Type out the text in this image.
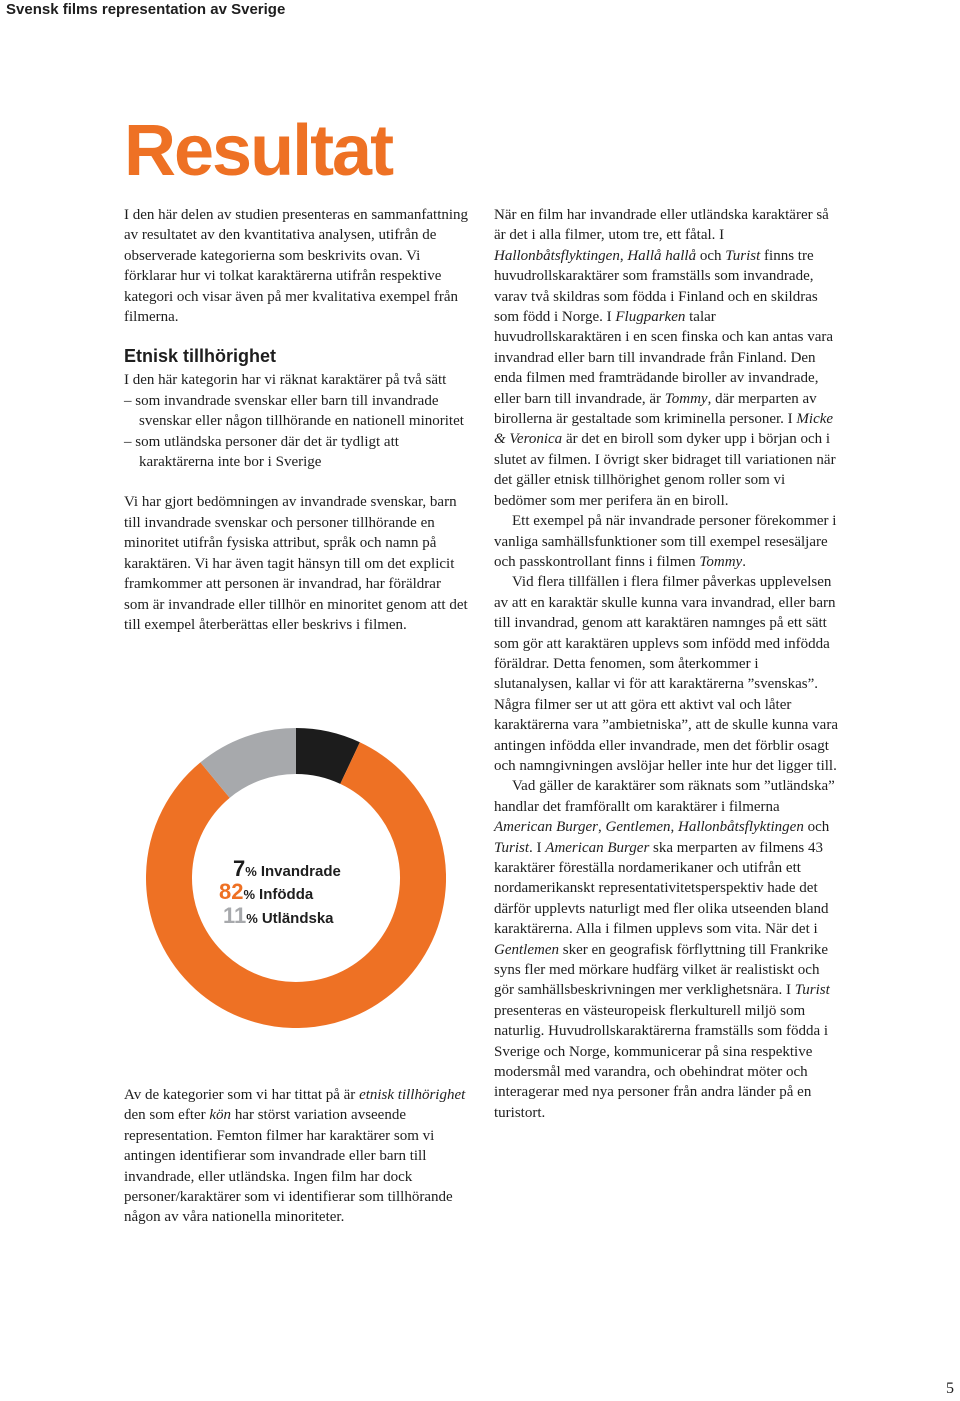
Svensk films representation av Sverige
Resultat

I den här delen av studien presenteras en sammanfattning av resultatet av den kvantitativa analysen, utifrån de observerade kategorierna som beskrivits ovan. Vi förklarar hur vi tolkat karaktärerna utifrån respektive kategori och visar även på mer kvalitativa exempel från filmerna.

Etnisk tillhörighet

I den här kategorin har vi räknat karaktärer på två sätt

– som invandrade svenskar eller barn till invandrade svenskar eller någon tillhörande en nationell minoritet

– som utländska personer där det är tydligt att karaktärerna inte bor i Sverige

Vi har gjort bedömningen av invandrade svenskar, barn till invandrade svenskar och personer tillhörande en minoritet utifrån fysiska attribut, språk och namn på karaktären. Vi har även tagit hänsyn till om det explicit framkommer att personen är invandrad, har föräldrar som är invandrade eller tillhör en minoritet genom att det till exempel återberättas eller beskrivs i filmen.

7% Invandrade
82% Infödda
11% Utländska

Av de kategorier som vi har tittat på är etnisk tillhörighet den som efter kön har störst variation avseende representation. Femton filmer har karaktärer som vi antingen identifierar som invandrade eller barn till invandrade, eller utländska. Ingen film har dock personer/karaktärer som vi identifierar som tillhörande någon av våra nationella minoriteter.

När en film har invandrade eller utländska karaktärer så är det i alla filmer, utom tre, ett fåtal. I Hallonbåtsflyktingen, Hallå hallå och Turist finns tre huvudrollskaraktärer som framställs som invandrade, varav två skildras som födda i Finland och en skildras som född i Norge. I Flugparken talar huvudrollskaraktären i en scen finska och kan antas vara invandrad eller barn till invandrade från Finland. Den enda filmen med framträdande biroller av invandrade, eller barn till invandrade, är Tommy, där merparten av birollerna är gestaltade som kriminella personer. I Micke & Veronica är det en biroll som dyker upp i början och i slutet av filmen. I övrigt sker bidraget till variationen när det gäller etnisk tillhörighet genom roller som vi bedömer som mer perifera än en biroll.

Ett exempel på när invandrade personer förekommer i vanliga samhällsfunktioner som till exempel resesäljare och passkontrollant finns i filmen Tommy.

Vid flera tillfällen i flera filmer påverkas upplevelsen av att en karaktär skulle kunna vara invandrad, eller barn till invandrad, genom att karaktären namnges på ett sätt som gör att karaktären upplevs som infödd med infödda föräldrar. Detta fenomen, som återkommer i slutanalysen, kallar vi för att karaktärerna ”svenskas”. Några filmer ser ut att göra ett aktivt val och låter karaktärerna vara ”ambietniska”, att de skulle kunna vara antingen infödda eller invandrade, men det förblir osagt och namngivningen avslöjar heller inte hur det ligger till.

Vad gäller de karaktärer som räknats som ”utländska” handlar det framförallt om karaktärer i filmerna American Burger, Gentlemen, Hallonbåtsflyktingen och Turist. I American Burger ska merparten av filmens 43 karaktärer föreställa nordamerikaner och utifrån ett nordamerikanskt representativitetsperspektiv hade det därför upplevts naturligt med fler olika utseenden bland karaktärerna. Alla i filmen upplevs som vita. När det i Gentlemen sker en geografisk förflyttning till Frankrike syns fler med mörkare hudfärg vilket är realistiskt och gör samhällsbeskrivningen mer verklighetsnära. I Turist presenteras en västeuropeisk flerkulturell miljö som naturlig. Huvudrollskaraktärerna framställs som födda i Sverige och Norge, kommunicerar på sina respektive modersmål med varandra, och obehindrat möter och interagerar med nya personer från andra länder på en turistort.

5
